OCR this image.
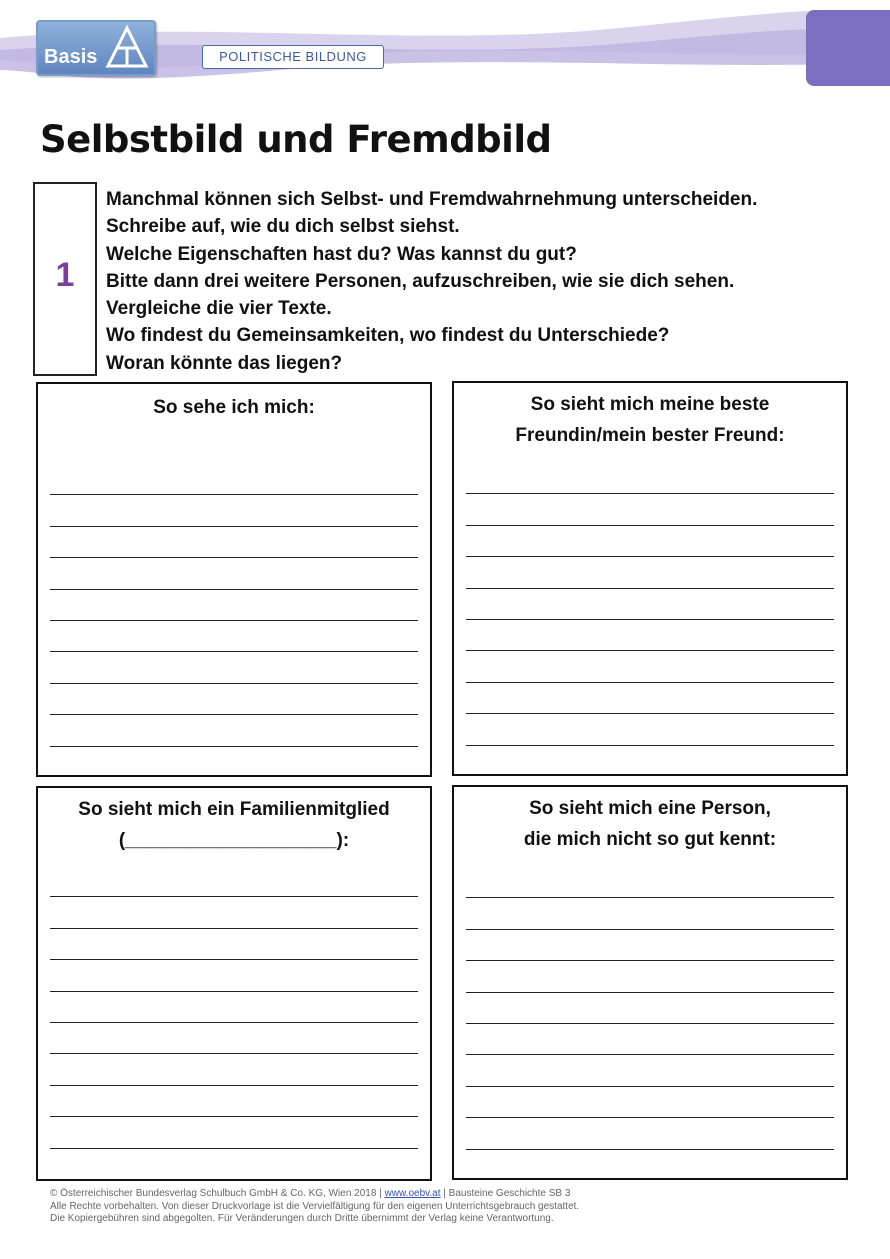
Basis	POLITISCHE BILDUNG
Selbstbild und Fremdbild
1
Manchmal können sich Selbst- und Fremdwahrnehmung unterscheiden.
Schreibe auf, wie du dich selbst siehst.
Welche Eigenschaften hast du? Was kannst du gut?
Bitte dann drei weitere Personen, aufzuschreiben, wie sie dich sehen.
Vergleiche die vier Texte.
Wo findest du Gemeinsamkeiten, wo findest du Unterschiede?
Woran könnte das liegen?
So sehe ich mich:	So sieht mich meine beste
Freundin/mein bester Freund:
So sieht mich ein Familienmitglied
(____________________):
So sieht mich eine Person,
die mich nicht so gut kennt:
© Österreichischer Bundesverlag Schulbuch GmbH & Co. KG, Wien 2018 | www.oebv.at | Bausteine Geschichte SB 3
Alle Rechte vorbehalten. Von dieser Druckvorlage ist die Vervielfältigung für den eigenen Unterrichtsgebrauch gestattet.
Die Kopiergebühren sind abgegolten. Für Veränderungen durch Dritte übernimmt der Verlag keine Verantwortung.
